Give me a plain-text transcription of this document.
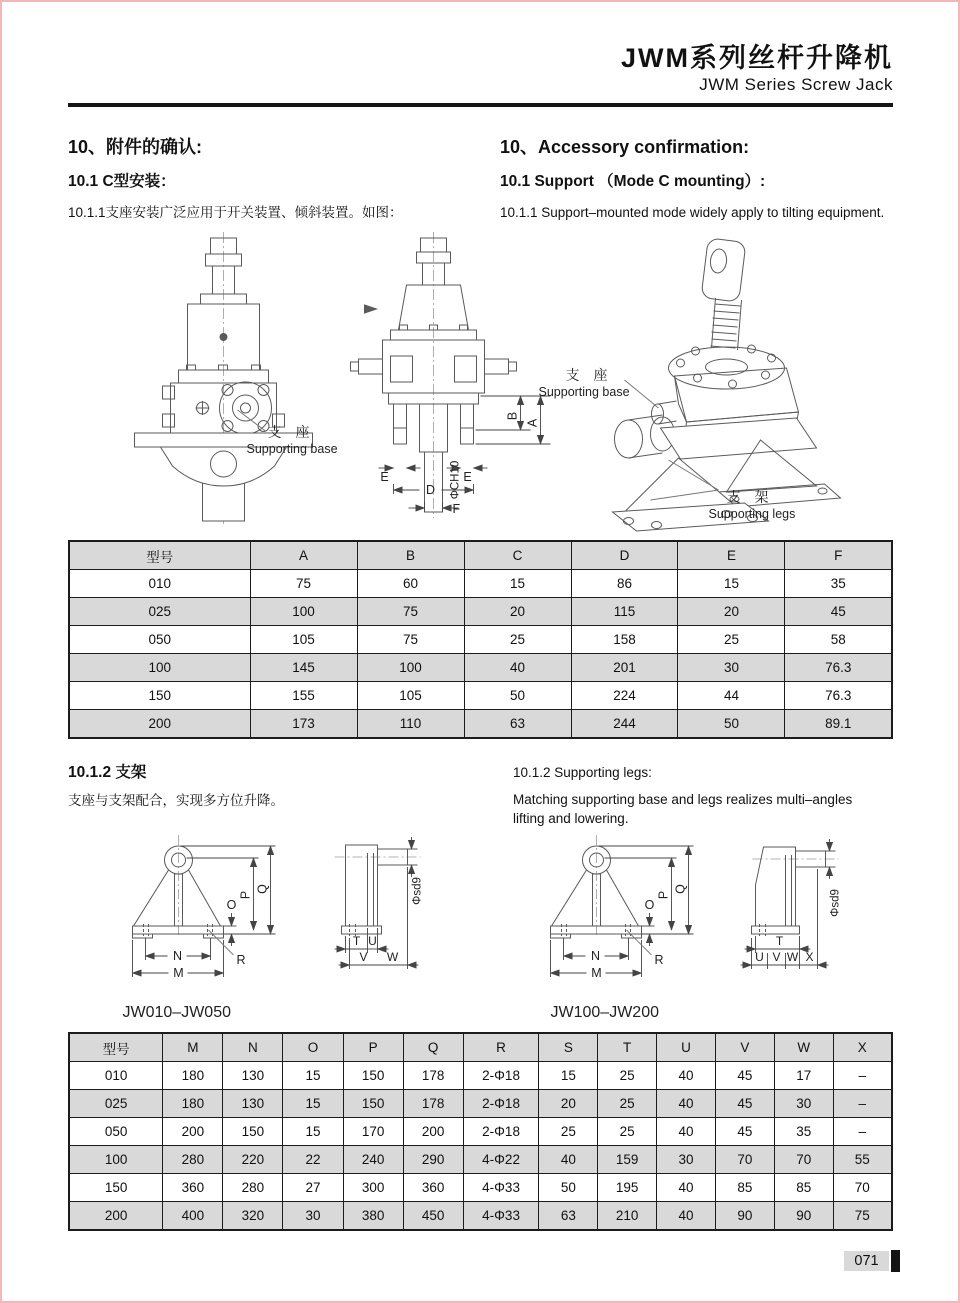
JWM系列丝杆升降机
JWM Series Screw Jack
10、附件的确认:
10.1 C型安装：

10.1.1支座安装广泛应用于开关装置、倾斜装置。如图：

10、Accessory confirmation:
10.1 Support （Mode C mounting）:

10.1.1 Support–mounted mode widely apply to tilting equipment.

支　座
Supporting base
B
A
ΦCH10
E	E
D
F
支　座
Supporting base
支　架
Supporting legs
型号	A	B	C	D	E	F
010	75	60	15	86	15	35
025	100	75	20	115	20	45
050	105	75	25	158	25	58
100	145	100	40	201	30	76.3
150	155	105	50	224	44	76.3
200	173	110	63	244	50	89.1
10.1.2 支架

支座与支架配合，实现多方位升降。

10.1.2 Supporting legs:

Matching supporting base and legs realizes multi–angles

lifting and lowering.

N
M
O
P
Q
R
T U
V W
Φsd9
JW010–JW050
N
M
O
P
Q
R
T
U V W X
Φsd9
JW100–JW200
型号	M	N	O	P	Q	R	S	T	U	V	W	X
010	180	130	15	150	178	2-Φ18	15	25	40	45	17	–
025	180	130	15	150	178	2-Φ18	20	25	40	45	30	–
050	200	150	15	170	200	2-Φ18	25	25	40	45	35	–
100	280	220	22	240	290	4-Φ22	40	159	30	70	70	55
150	360	280	27	300	360	4-Φ33	50	195	40	85	85	70
200	400	320	30	380	450	4-Φ33	63	210	40	90	90	75
071
